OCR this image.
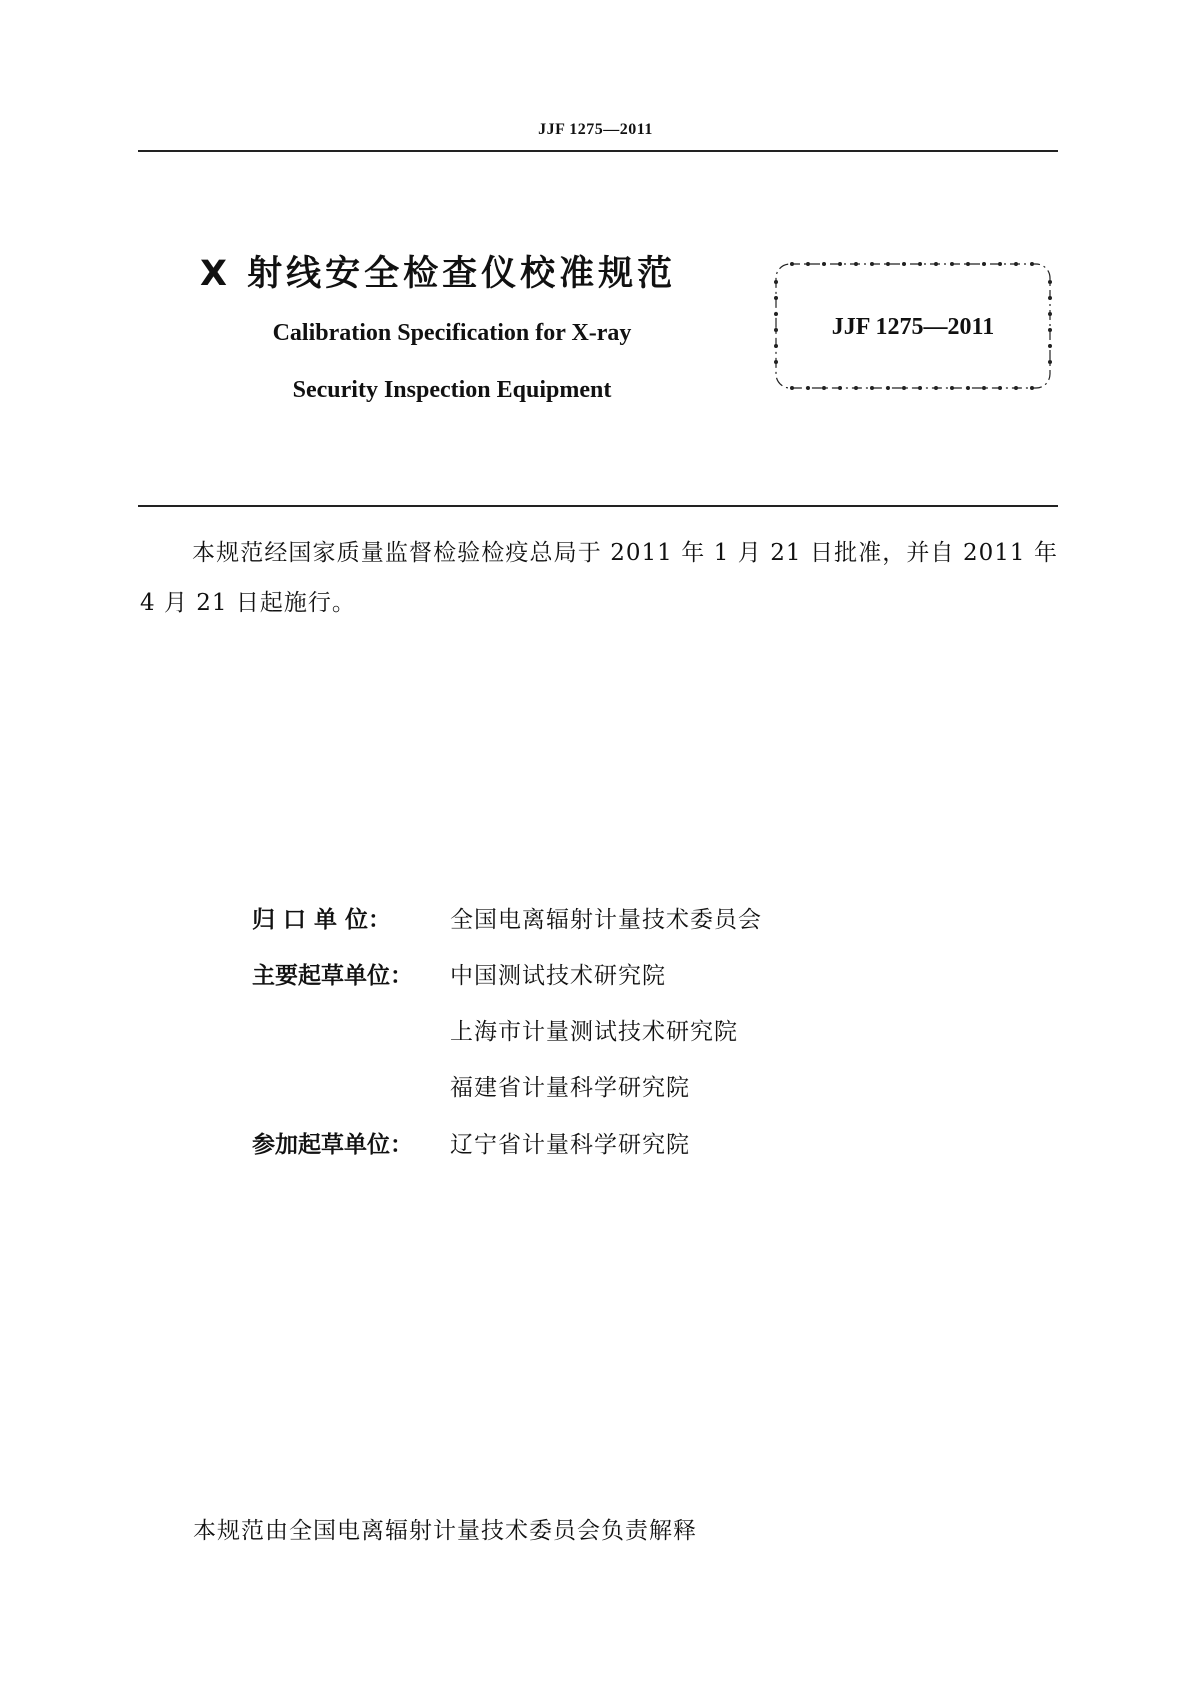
JJF 1275—2011
X 射线安全检查仪校准规范
Calibration Specification for X-ray
Security Inspection Equipment
JJF 1275—2011
本规范经国家质量监督检验检疫总局于 2011 年 1 月 21 日批准，并自 2011 年 4 月 21 日起施行。
归 口 单 位：	全国电离辐射计量技术委员会
主要起草单位： 中国测试技术研究院
上海市计量测试技术研究院
福建省计量科学研究院
参加起草单位： 辽宁省计量科学研究院
本规范由全国电离辐射计量技术委员会负责解释
